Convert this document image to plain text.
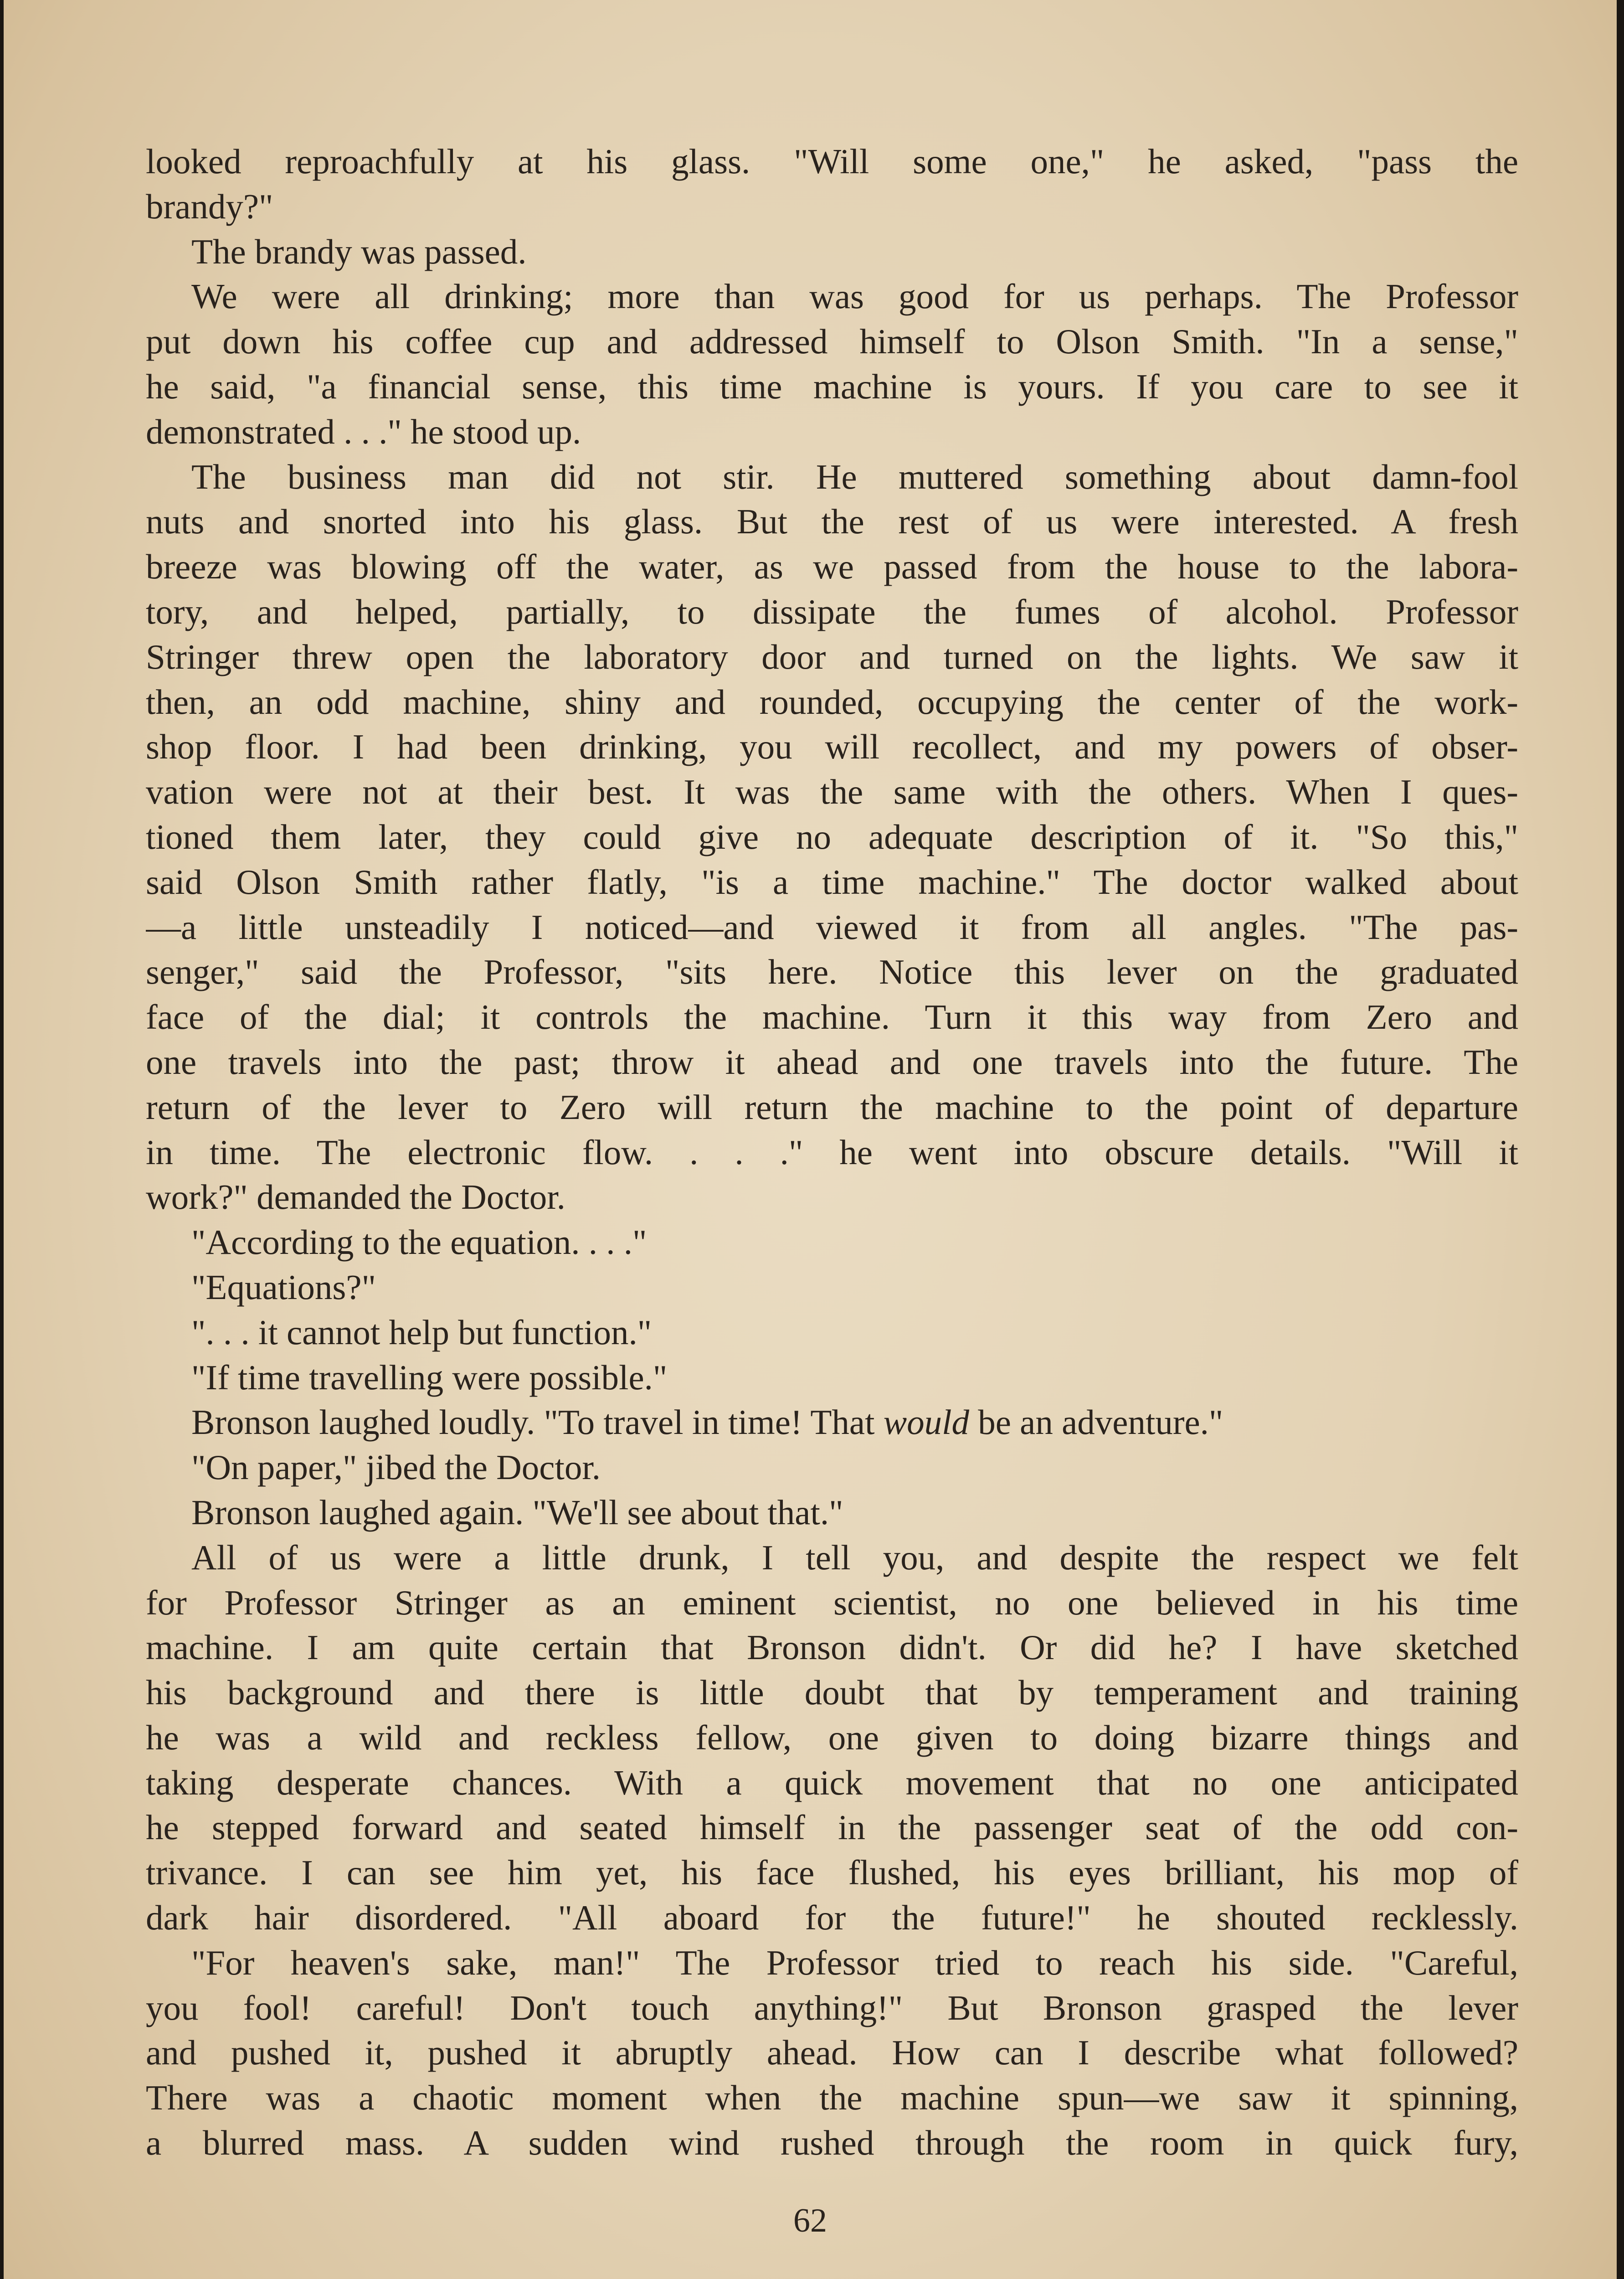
looked reproachfully at his glass. "Will some one," he asked, "pass the
brandy?"
The brandy was passed.
We were all drinking; more than was good for us perhaps. The Professor
put down his coffee cup and addressed himself to Olson Smith. "In a sense,"
he said, "a financial sense, this time machine is yours. If you care to see it
demonstrated . . ." he stood up.
The business man did not stir. He muttered something about damn-fool
nuts and snorted into his glass. But the rest of us were interested. A fresh
breeze was blowing off the water, as we passed from the house to the labora-
tory, and helped, partially, to dissipate the fumes of alcohol. Professor
Stringer threw open the laboratory door and turned on the lights. We saw it
then, an odd machine, shiny and rounded, occupying the center of the work-
shop floor. I had been drinking, you will recollect, and my powers of obser-
vation were not at their best. It was the same with the others. When I ques-
tioned them later, they could give no adequate description of it. "So this,"
said Olson Smith rather flatly, "is a time machine." The doctor walked about
—a little unsteadily I noticed—and viewed it from all angles. "The pas-
senger," said the Professor, "sits here. Notice this lever on the graduated
face of the dial; it controls the machine. Turn it this way from Zero and
one travels into the past; throw it ahead and one travels into the future. The
return of the lever to Zero will return the machine to the point of departure
in time. The electronic flow. . . ." he went into obscure details. "Will it
work?" demanded the Doctor.
"According to the equation. . . ."
"Equations?"
". . . it cannot help but function."
"If time travelling were possible."
Bronson laughed loudly. "To travel in time! That would be an adventure."
"On paper," jibed the Doctor.
Bronson laughed again. "We'll see about that."
All of us were a little drunk, I tell you, and despite the respect we felt
for Professor Stringer as an eminent scientist, no one believed in his time
machine. I am quite certain that Bronson didn't. Or did he? I have sketched
his background and there is little doubt that by temperament and training
he was a wild and reckless fellow, one given to doing bizarre things and
taking desperate chances. With a quick movement that no one anticipated
he stepped forward and seated himself in the passenger seat of the odd con-
trivance. I can see him yet, his face flushed, his eyes brilliant, his mop of
dark hair disordered. "All aboard for the future!" he shouted recklessly.
"For heaven's sake, man!" The Professor tried to reach his side. "Careful,
you fool! careful! Don't touch anything!" But Bronson grasped the lever
and pushed it, pushed it abruptly ahead. How can I describe what followed?
There was a chaotic moment when the machine spun—we saw it spinning,
a blurred mass. A sudden wind rushed through the room in quick fury,
62
